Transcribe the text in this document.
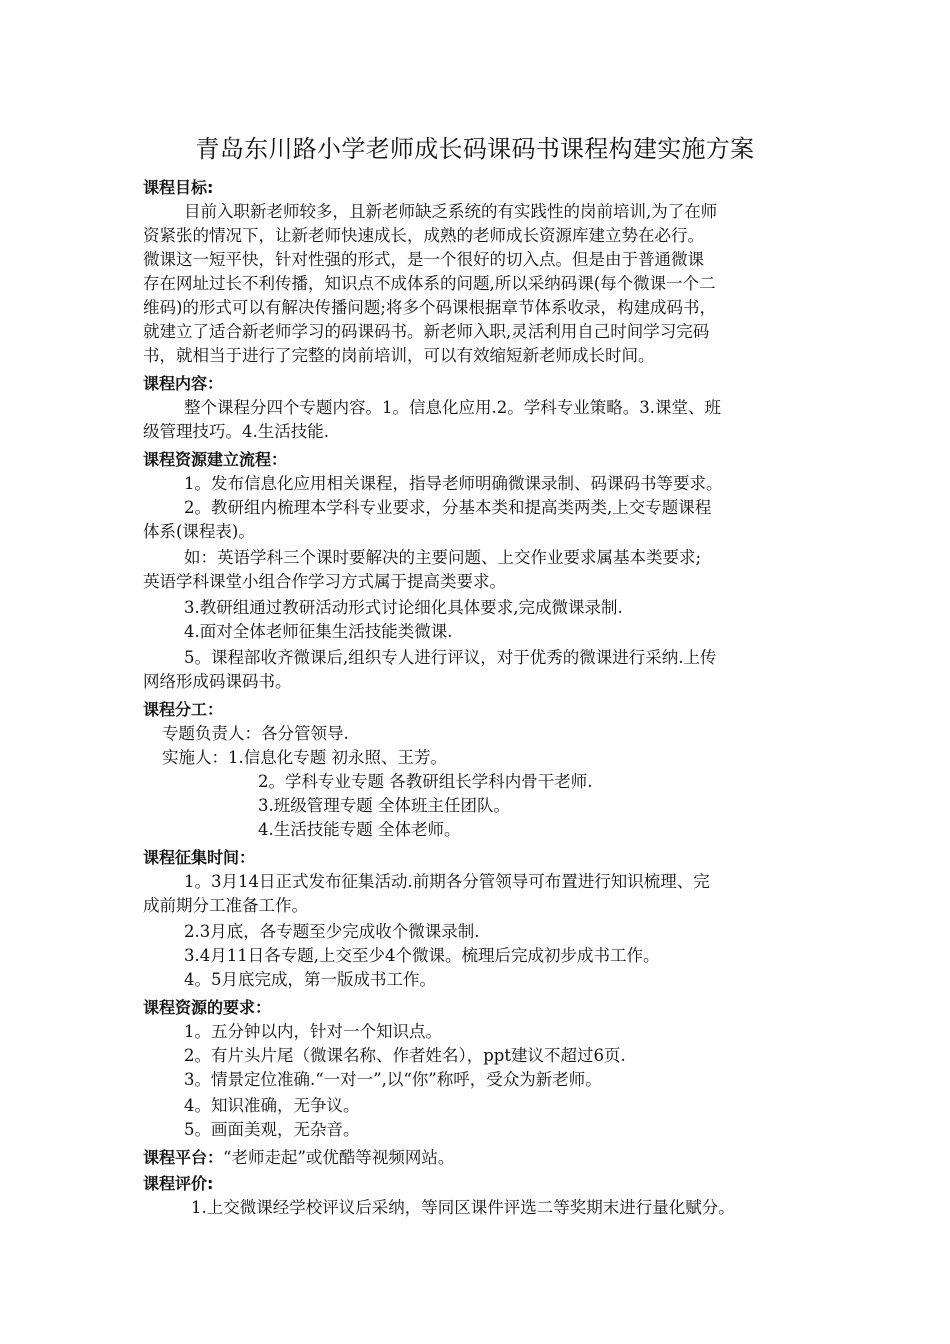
青岛东川路小学老师成长码课码书课程构建实施方案
课程目标:
目前入职新老师较多，且新老师缺乏系统的有实践性的岗前培训,为了在师
资紧张的情况下，让新老师快速成长，成熟的老师成长资源库建立势在必行。
微课这一短平快，针对性强的形式，是一个很好的切入点。但是由于普通微课
存在网址过长不利传播，知识点不成体系的问题,所以采纳码课(每个微课一个二
维码)的形式可以有解决传播问题;将多个码课根据章节体系收录，构建成码书，
就建立了适合新老师学习的码课码书。新老师入职,灵活利用自己时间学习完码
书，就相当于进行了完整的岗前培训，可以有效缩短新老师成长时间。
课程内容：
整个课程分四个专题内容。1。信息化应用.2。学科专业策略。3.课堂、班
级管理技巧。4.生活技能.
课程资源建立流程：
1。发布信息化应用相关课程，指导老师明确微课录制、码课码书等要求。
2。教研组内梳理本学科专业要求，分基本类和提高类两类,上交专题课程
体系(课程表)。
如：英语学科三个课时要解决的主要问题、上交作业要求属基本类要求;
英语学科课堂小组合作学习方式属于提高类要求。
3.教研组通过教研活动形式讨论细化具体要求,完成微课录制.
4.面对全体老师征集生活技能类微课.
5。课程部收齐微课后,组织专人进行评议，对于优秀的微课进行采纳.上传
网络形成码课码书。
课程分工：
专题负责人：各分管领导.
实施人：1.信息化专题 初永照、王芳。
2。学科专业专题 各教研组长学科内骨干老师.
3.班级管理专题 全体班主任团队。
4.生活技能专题 全体老师。
课程征集时间：
1。3月14日正式发布征集活动.前期各分管领导可布置进行知识梳理、完
成前期分工准备工作。
2.3月底，各专题至少完成收个微课录制.
3.4月11日各专题,上交至少4个微课。梳理后完成初步成书工作。
4。5月底完成，第一版成书工作。
课程资源的要求：
1。五分钟以内，针对一个知识点。
2。有片头片尾（微课名称、作者姓名），ppt建议不超过6页.
3。情景定位准确.“一对一”,以“你”称呼，受众为新老师。
4。知识准确，无争议。
5。画面美观，无杂音。
课程平台：“老师走起”或优酷等视频网站。
课程评价:
1.上交微课经学校评议后采纳，等同区课件评选二等奖期末进行量化赋分。
